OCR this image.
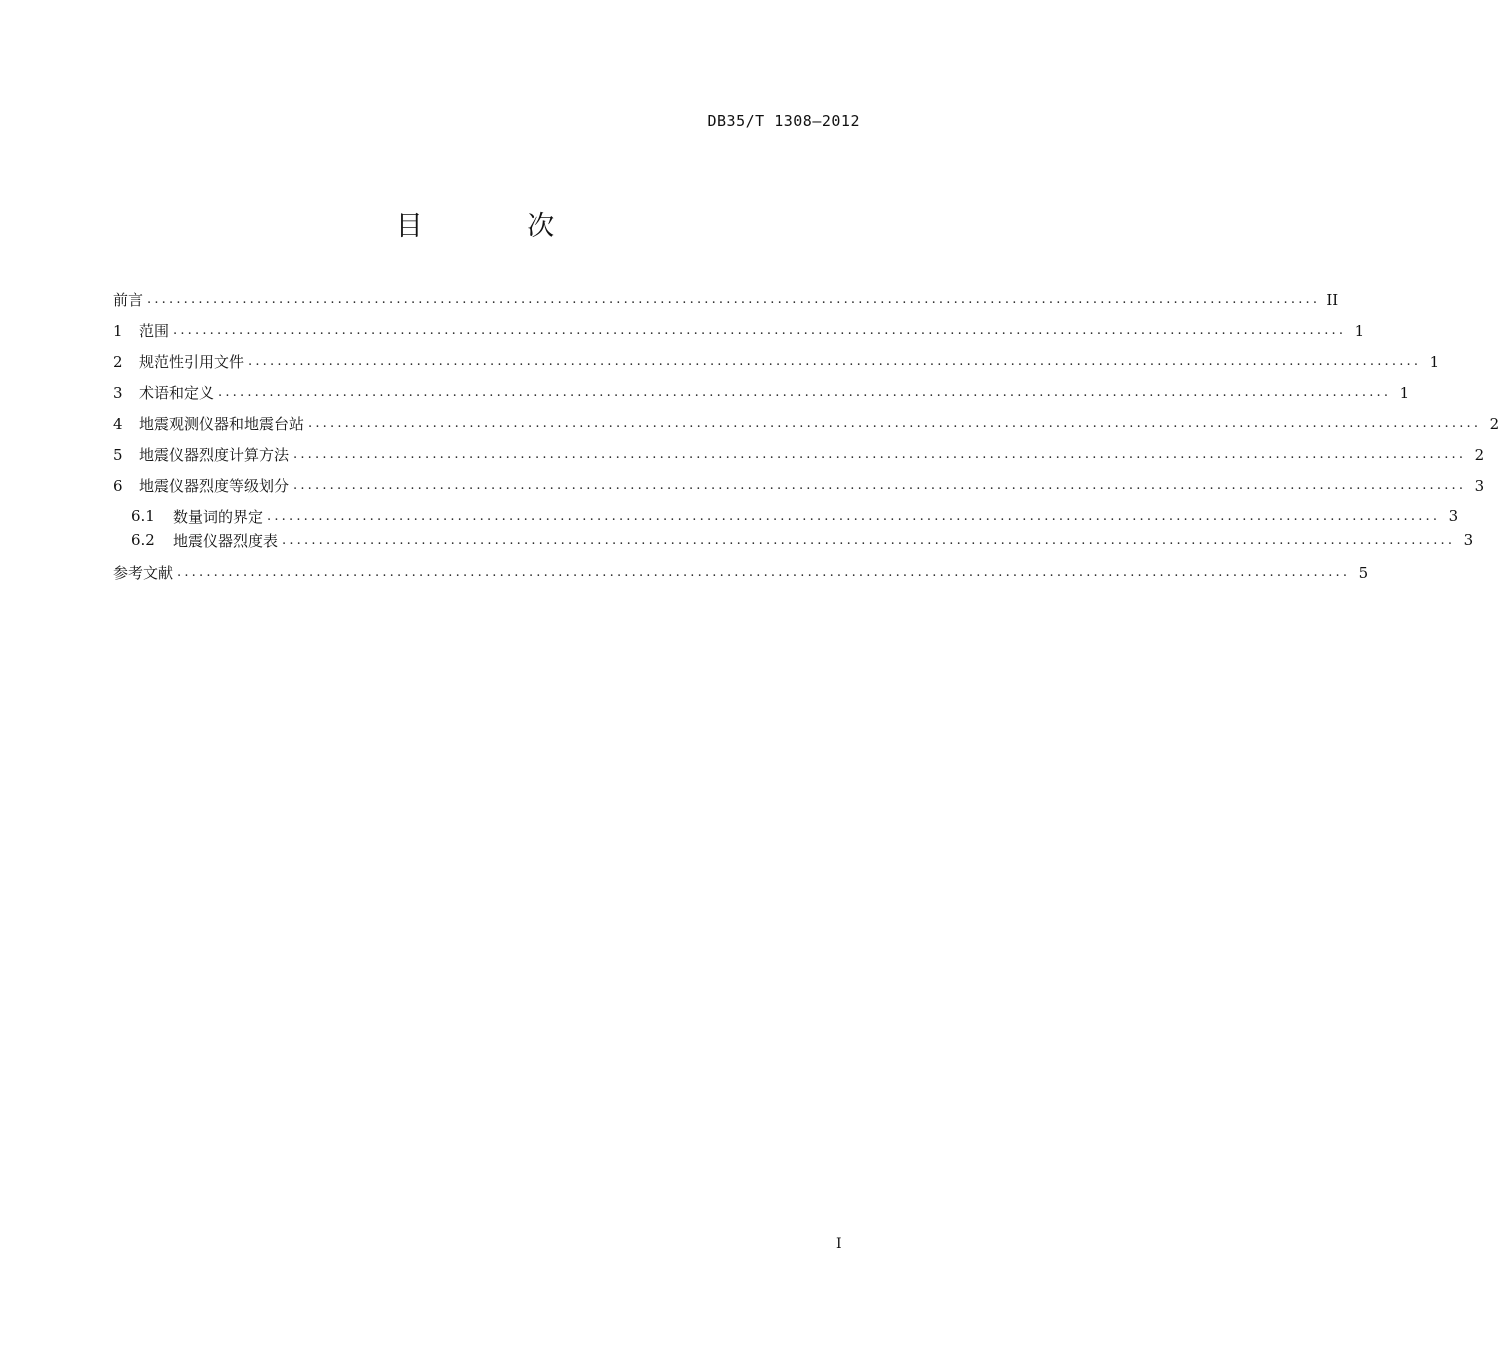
DB35/T 1308—2012
目 次
前言 ................................................................................................................................................................ II
1	范围 ................................................................................................................................................................ 1
2	规范性引用文件 ................................................................................................................................................................ 1
3	术语和定义 ................................................................................................................................................................ 1
4	地震观测仪器和地震台站 ................................................................................................................................................................ 2
5	地震仪器烈度计算方法 ................................................................................................................................................................ 2
6	地震仪器烈度等级划分 ................................................................................................................................................................ 3
6.1	数量词的界定 ................................................................................................................................................................ 3
6.2	地震仪器烈度表 ................................................................................................................................................................ 3
参考文献 ................................................................................................................................................................ 5
I
